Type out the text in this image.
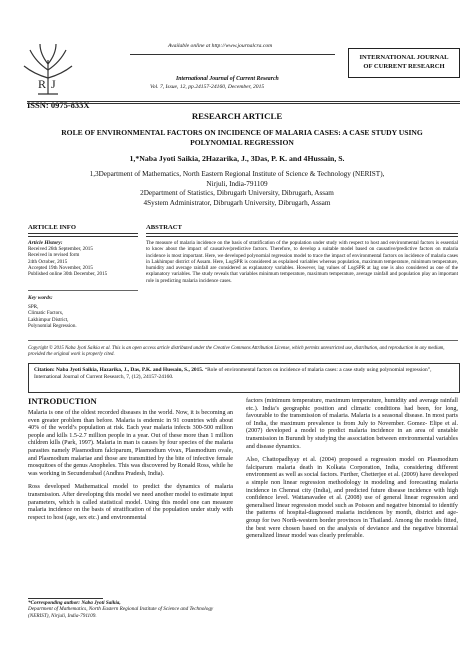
R J
ISSN: 0975-833X
Available online at http://www.journalcra.com
International Journal of Current Research
Vol. 7, Issue, 12, pp.24157-24160, December, 2015
INTERNATIONAL JOURNAL
OF CURRENT RESEARCH
RESEARCH ARTICLE
ROLE OF ENVIRONMENTAL FACTORS ON INCIDENCE OF MALARIA CASES: A CASE STUDY USING POLYNOMIAL REGRESSION
1,*Naba Jyoti Saikia, 2Hazarika, J., 3Das, P. K. and 4Hussain, S.
1,3Department of Mathematics, North Eastern Regional Institute of Science & Technology (NERIST),
Nirjuli, India-791109
2Department of Statistics, Dibrugarh University, Dibrugarh, Assam
4System Administrator, Dibrugarh University, Dibrugarh, Assam
ARTICLE INFO	ABSTRACT
Article History:
Received 26th September, 2015
Received in revised form
24th October, 2015
Accepted 19th November, 2015
Published online 30th December, 2015
Key words:
SPR,
Climatic Factors,
Lakhimpur District,
Polynomial Regression.
The measure of malaria incidence on the basis of stratification of the population under study with respect to host and environmental factors is essential to know about the impact of causative/predictive factors. Therefore, to develop a suitable model based on causative/predictive factors on malaria incidence is most important. Here, we developed polynomial regression model to trace the impact of environmental factors on incidence of malaria cases in Lakhimpur district of Assam. Here, LogSPR is considered as explained variables whereas population, maximum temperature, minimum temperature, humidity and average rainfall are considered as explanatory variables. However, lag values of LogSPR at lag one is also considered as one of the explanatory variables. The study reveals that variables minimum temperature, maximum temperature, average rainfall and population play an important role in predicting malaria incidence cases.
Copyright © 2015 Naba Jyoti Saikia et al. This is an open access article distributed under the Creative Commons Attribution License, which permits unrestricted use, distribution, and reproduction in any medium, provided the original work is properly cited.
Citation: Naba Jyoti Saikia, Hazarika, J., Das, P.K. and Hussain, S., 2015. “Role of environmental factors on incidence of malaria cases: a case study using polynomial regression”, International Journal of Current Research, 7, (12), 24157-24160.
INTRODUCTION

Malaria is one of the oldest recorded diseases in the world. Now, it is becoming an even greater problem than before. Malaria is endemic in 91 countries with about 40% of the world’s population at risk. Each year malaria infects 300-500 million people and kills 1.5-2.7 million people in a year. Out of these more than 1 million children kills (Park, 1997). Malaria in man is causes by four species of the malaria parasites namely Plasmodium falciparum, Plasmodium vivax, Plasmodium ovale, and Plasmodium malariae and those are transmitted by the bite of infective female mosquitoes of the genus Anopheles. This was discovered by Ronald Ross, while he was working in Secunderabad (Andhra Pradesh, India).

Ross developed Mathematical model to predict the dynamics of malaria transmission. After developing this model we need another model to estimate input parameters, which is called statistical model. Using this model one can measure malaria incidence on the basis of stratification of the population under study with respect to host (age, sex etc.) and environmental

factors (minimum temperature, maximum temperature, humidity and average rainfall etc.). India’s geographic position and climatic conditions had been, for long, favourable to the transmission of malaria. Malaria is a seasonal disease. In most parts of India, the maximum prevalence is from July to November. Gomez- Elipe et al. (2007) developed a model to predict malaria incidence in an area of unstable transmission in Burundi by studying the association between environmental variables and disease dynamics.

Also, Chattopadhyay et al. (2004) proposed a regression model on Plasmodium falciparum malaria death in Kolkata Corporation, India, considering different environment as well as social factors. Further, Chetterjee et al. (2009) have developed a simple non linear regression methodology in modeling and forecasting malaria incidence in Chennai city (India), and predicted future disease incidence with high confidence level. Wattanavadee et al. (2008) use of general linear regression and generalised linear regression model such as Poisson and negative binomial to identify the patterns of hospital-diagnosed malaria incidences by month, district and age-group for two North-western border provinces in Thailand. Among the models fitted, the best were chosen based on the analysis of deviance and the negative binomial generalized linear model was clearly preferable.

*Corresponding author: Naba Jyoti Saikia,
Department of Mathematics, North Eastern Regional Institute of Science and Technology (NERIST), Nirjuli, India-791109.
